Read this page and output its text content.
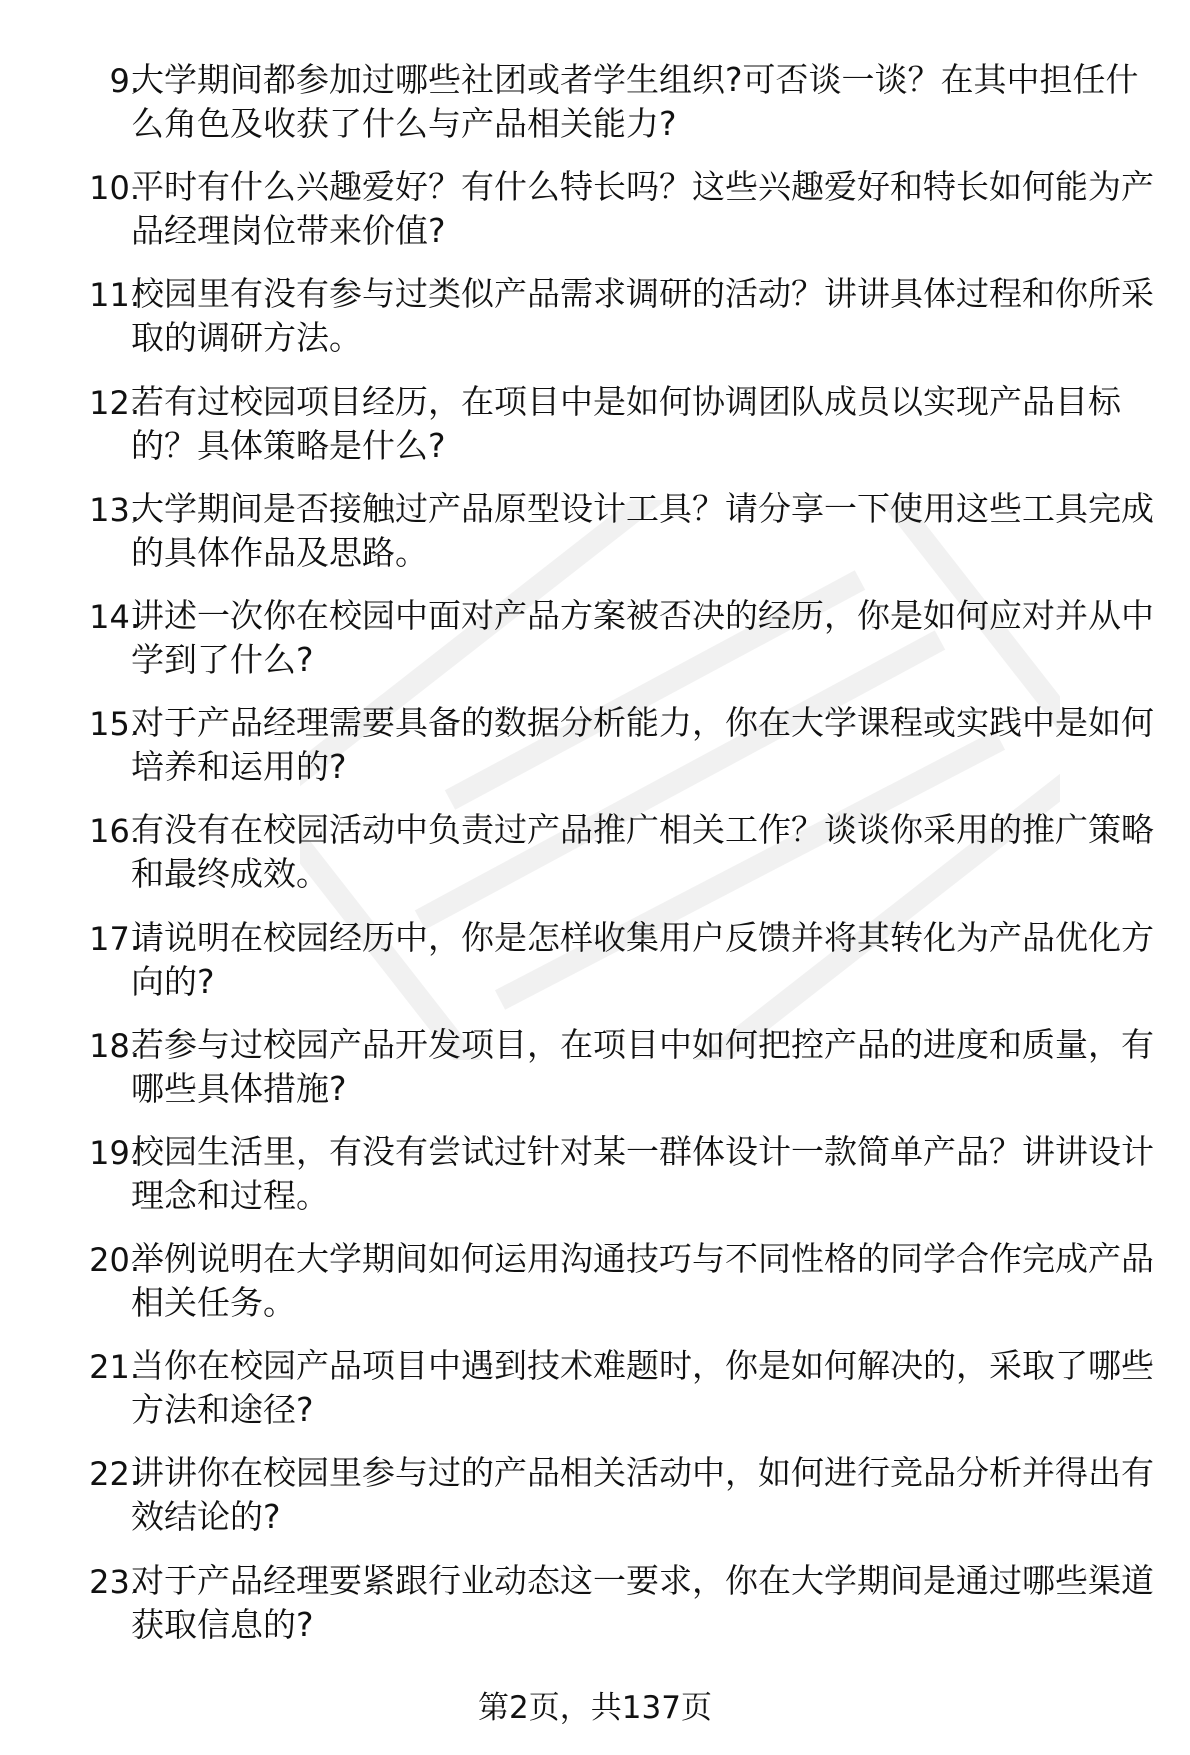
9.
大学期间都参加过哪些社团或者学生组织?可否谈一谈？在其中担任什么角色及收获了什么与产品相关能力?
10.
平时有什么兴趣爱好？有什么特长吗？这些兴趣爱好和特长如何能为产品经理岗位带来价值?
11.
校园里有没有参与过类似产品需求调研的活动？讲讲具体过程和你所采取的调研方法。
12.
若有过校园项目经历，在项目中是如何协调团队成员以实现产品目标的？具体策略是什么?
13.
大学期间是否接触过产品原型设计工具？请分享一下使用这些工具完成的具体作品及思路。
14.
讲述一次你在校园中面对产品方案被否决的经历，你是如何应对并从中学到了什么?
15.
对于产品经理需要具备的数据分析能力，你在大学课程或实践中是如何培养和运用的?
16.
有没有在校园活动中负责过产品推广相关工作？谈谈你采用的推广策略和最终成效。
17.
请说明在校园经历中，你是怎样收集用户反馈并将其转化为产品优化方向的?
18.
若参与过校园产品开发项目，在项目中如何把控产品的进度和质量，有哪些具体措施?
19.
校园生活里，有没有尝试过针对某一群体设计一款简单产品？讲讲设计理念和过程。
20.
举例说明在大学期间如何运用沟通技巧与不同性格的同学合作完成产品相关任务。
21.
当你在校园产品项目中遇到技术难题时，你是如何解决的，采取了哪些方法和途径?
22.
讲讲你在校园里参与过的产品相关活动中，如何进行竞品分析并得出有效结论的?
23.
对于产品经理要紧跟行业动态这一要求，你在大学期间是通过哪些渠道获取信息的?
第2页，共137页
